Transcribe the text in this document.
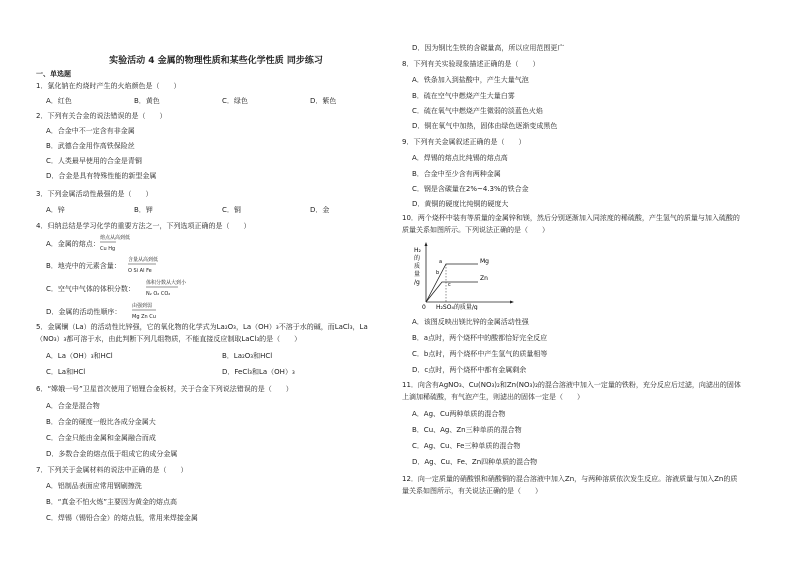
实验活动 4 金属的物理性质和某些化学性质 同步练习
一、单选题
1．氯化钠在灼烧时产生的火焰颜色是（　　）
A．红色	B．黄色	C．绿色	D．紫色
2．下列有关合金的说法错误的是（　　）
A．合金中不一定含有非金属
B．武德合金用作高铁保险丝
C．人类最早使用的合金是青铜
D．合金是具有特殊性能的新型金属
3．下列金属活动性最强的是（　　）
A．锌	B．钾	C．铜	D．金
4．归纳总结是学习化学的重要方法之一，下列选项正确的是（　　）
A．金属的熔点：
熔点从高到低
Cu Hg
B．地壳中的元素含量：
含量从高到低
O Si Al Fe
C．空气中气体的体积分数：
体积分数从大到小
N₂ O₂ CO₂
D．金属的活动性顺序：
由强到弱
Mg Zn Cu
5．金属镧（La）的活动性比锌强，它的氧化物的化学式为La₂O₃，La（OH）₃不溶于水的碱，而LaCl₃，La
（NO₃）₃都可溶于水，由此判断下列几组物质，不能直接反应制取LaCl₃的是（　　）
A．La（OH）₃和HCl	B．La₂O₃和HCl
C．La和HCl	D．FeCl₃和La（OH）₃
6．“嫦娥一号”卫星首次使用了铝锂合金板材，关于合金下列说法错误的是（　　）
A．合金是混合物
B．合金的硬度一般比各成分金属大
C．合金只能由金属和金属融合而成
D．多数合金的熔点低于组成它的成分金属
7．下列关于金属材料的说法中正确的是（　　）
A．铝制品表面应常用钢刷擦洗
B．“真金不怕火炼”主要因为黄金的熔点高
C．焊锡（锡铅合金）的熔点低，常用来焊接金属
D．因为钢比生铁的含碳量高，所以应用范围更广
8．下列有关实验现象描述正确的是（　　）
A．铁条加入到盐酸中，产生大量气泡
B．硫在空气中燃烧产生大量白雾
C．硫在氧气中燃烧产生微弱的淡蓝色火焰
D．铜在氧气中加热，固体由绿色逐渐变成黑色
9．下列有关金属叙述正确的是（　　）
A．焊锡的熔点比纯锡的熔点高
B．合金中至少含有两种金属
C．钢是含碳量在2%~4.3%的铁合金
D．黄铜的硬度比纯铜的硬度大
10．两个烧杯中装有等质量的金属锌和镁，然后分别逐渐加入同浓度的稀硫酸，产生氢气的质量与加入硫酸的
质量关系如图所示。下列说法正确的是（　　）
H₂
的
质
量
/g
0 H₂SO₄的质量/g
a
b
c
Mg
Zn
A．该图反映出镁比锌的金属活动性强
B．a点时，两个烧杯中的酸都恰好完全反应
C．b点时，两个烧杯中产生氢气的质量相等
D．c点时，两个烧杯中都有金属剩余
11．向含有AgNO₃、Cu(NO₃)₂和Zn(NO₃)₂的混合溶液中加入一定量的铁粉，充分反应后过滤，向滤出的固体
上滴加稀硫酸，有气泡产生，则滤出的固体一定是（　　）
A．Ag、Cu两种单质的混合物
B．Cu、Ag、Zn三种单质的混合物
C．Ag、Cu、Fe三种单质的混合物
D．Ag、Cu、Fe、Zn四种单质的混合物
12．向一定质量的硝酸银和硝酸铜的混合溶液中加入Zn，与两种溶质依次发生反应。溶液质量与加入Zn的质
量关系如图所示，有关说法正确的是（　　）
